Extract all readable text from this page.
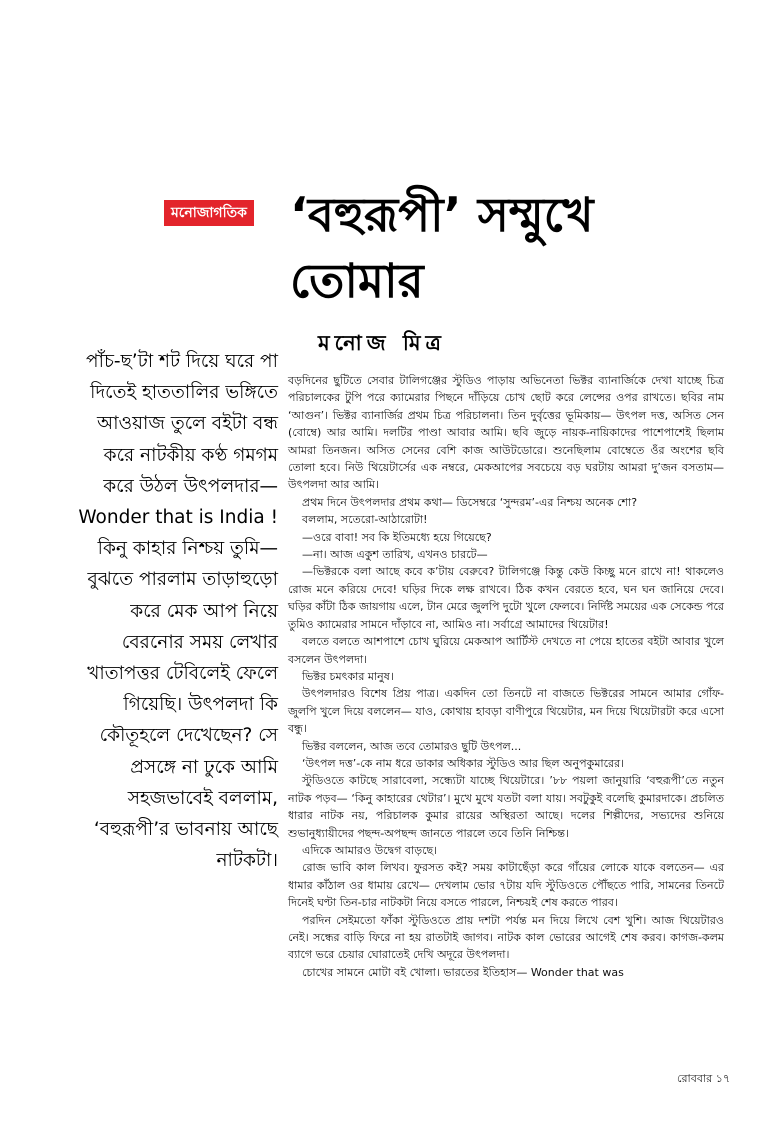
মনোজাগতিক ‘বহুরূপী’ সম্মুখে
তোমার
মনোজ মিত্র

পাঁচ-ছ’টা শট দিয়ে ঘরে পা দিতেই হাততালির ভঙ্গিতে আওয়াজ তুলে বইটা বন্ধ করে নাটকীয় কণ্ঠ গমগম করে উঠল উৎপলদার— Wonder that is India ! কিনু কাহার নিশ্চয় তুমি— বুঝতে পারলাম তাড়াহুড়ো করে মেক আপ নিয়ে বেরনোর সময় লেখার খাতাপত্তর টেবিলেই ফেলে গিয়েছি। উৎপলদা কি কৌতূহলে দেখেছেন? সে প্রসঙ্গে না ঢুকে আমি সহজভাবেই বললাম, ‘বহুরূপী’র ভাবনায় আছে নাটকটা।

বড়দিনের ছুটিতে সেবার টালিগঞ্জের স্টুডিও পাড়ায় অভিনেতা ভিক্টর ব্যানার্জিকে দেখা যাচ্ছে চিত্র পরিচালকের টুপি পরে ক্যামেরার পিছনে দাঁড়িয়ে চোখ ছোট করে লেন্সের ওপর রাখতে। ছবির নাম ‘আগুন’। ভিক্টর ব্যানার্জির প্রথম চিত্র পরিচালনা। তিন দুর্বৃত্তের ভূমিকায়— উৎপল দত্ত, অসিত সেন (বোম্বে) আর আমি। দলটির পাণ্ডা আবার আমি। ছবি জুড়ে নায়ক-নায়িকাদের পাশেপাশেই ছিলাম আমরা তিনজন। অসিত সেনের বেশি কাজ আউটডোরে। শুনেছিলাম বোম্বেতে ওঁর অংশের ছবি তোলা হবে। নিউ থিয়েটার্সের এক নম্বরে, মেকআপের সবচেয়ে বড় ঘরটায় আমরা দু’জন বসতাম— উৎপলদা আর আমি।

প্রথম দিনে উৎপলদার প্রথম কথা— ডিসেম্বরে ‘সুন্দরম’-এর নিশ্চয় অনেক শো?

বললাম, সতেরো-আঠারোটা!

—ওরে বাবা! সব কি ইতিমধ্যে হয়ে গিয়েছে?

—না। আজ একুশ তারিখ, এখনও চারটে—

—ভিক্টরকে বলা আছে কবে ক’টায় বেরুবে? টালিগঞ্জে কিন্তু কেউ কিচ্ছু মনে রাখে না! থাকলেও রোজ মনে করিয়ে দেবে! ঘড়ির দিকে লক্ষ রাখবে। ঠিক কখন বেরতে হবে, ঘন ঘন জানিয়ে দেবে। ঘড়ির কাঁটা ঠিক জায়গায় এলে, টান মেরে জুলপি দুটো খুলে ফেলবে। নির্দিষ্ট সময়ের এক সেকেন্ড পরে তুমিও ক্যামেরার সামনে দাঁড়াবে না, আমিও না। সর্বাগ্রে আমাদের থিয়েটার!

বলতে বলতে আশপাশে চোখ ঘুরিয়ে মেকআপ আর্টিস্ট দেখতে না পেয়ে হাতের বইটা আবার খুলে বসলেন উৎপলদা।

ভিক্টর চমৎকার মানুষ।

উৎপলদারও বিশেষ প্রিয় পাত্র। একদিন তো তিনটে না বাজতে ভিক্টরের সামনে আমার গোঁফ-জুলপি খুলে দিয়ে বললেন— যাও, কোথায় হাবড়া বাণীপুরে থিয়েটার, মন দিয়ে থিয়েটারটা করে এসো বন্ধু।

ভিক্টর বললেন, আজ তবে তোমারও ছুটি উৎপল...

‘উৎপল দত্ত’-কে নাম ধরে ডাকার অধিকার স্টুডিও আর ছিল অনুপকুমারের।

স্টুডিওতে কাটছে সারাবেলা, সন্ধ্যেটা যাচ্ছে থিয়েটারে। ’৮৮ পয়লা জানুয়ারি ‘বহুরূপী’তে নতুন নাটক পড়ব— ‘কিনু কাহারের থেটার’। মুখে মুখে যতটা বলা যায়। সবটুকুই বলেছি কুমারদাকে। প্রচলিত ধারার নাটক নয়, পরিচালক কুমার রায়ের অস্থিরতা আছে। দলের শিল্পীদের, সভ্যদের শুনিয়ে শুভানুধ্যায়ীদের পছন্দ-অপছন্দ জানতে পারলে তবে তিনি নিশ্চিন্ত।

এদিকে আমারও উদ্বেগ বাড়ছে।

রোজ ভাবি কাল লিখব। ফুরসত কই? সময় কাটাছেঁড়া করে গাঁয়ের লোকে যাকে বলতেন— এর ধামার কাঁঠাল ওর ধামায় রেখে— দেখলাম ভোর ৭টায় যদি স্টুডিওতে পৌঁছতে পারি, সামনের তিনটে দিনেই ঘণ্টা তিন-চার নাটকটা নিয়ে বসতে পারলে, নিশ্চয়ই শেষ করতে পারব।

পরদিন সেইমতো ফাঁকা স্টুডিওতে প্রায় দশটা পর্যন্ত মন দিয়ে লিখে বেশ খুশি। আজ থিয়েটারও নেই। সন্ধের বাড়ি ফিরে না হয় রাতটাই জাগব। নাটক কাল ভোরের আগেই শেষ করব। কাগজ-কলম ব্যাগে ভরে চেয়ার ঘোরাতেই দেখি অদূরে উৎপলদা।

চোখের সামনে মোটা বই খোলা। ভারতের ইতিহাস— Wonder that was

রোববার ১৭
